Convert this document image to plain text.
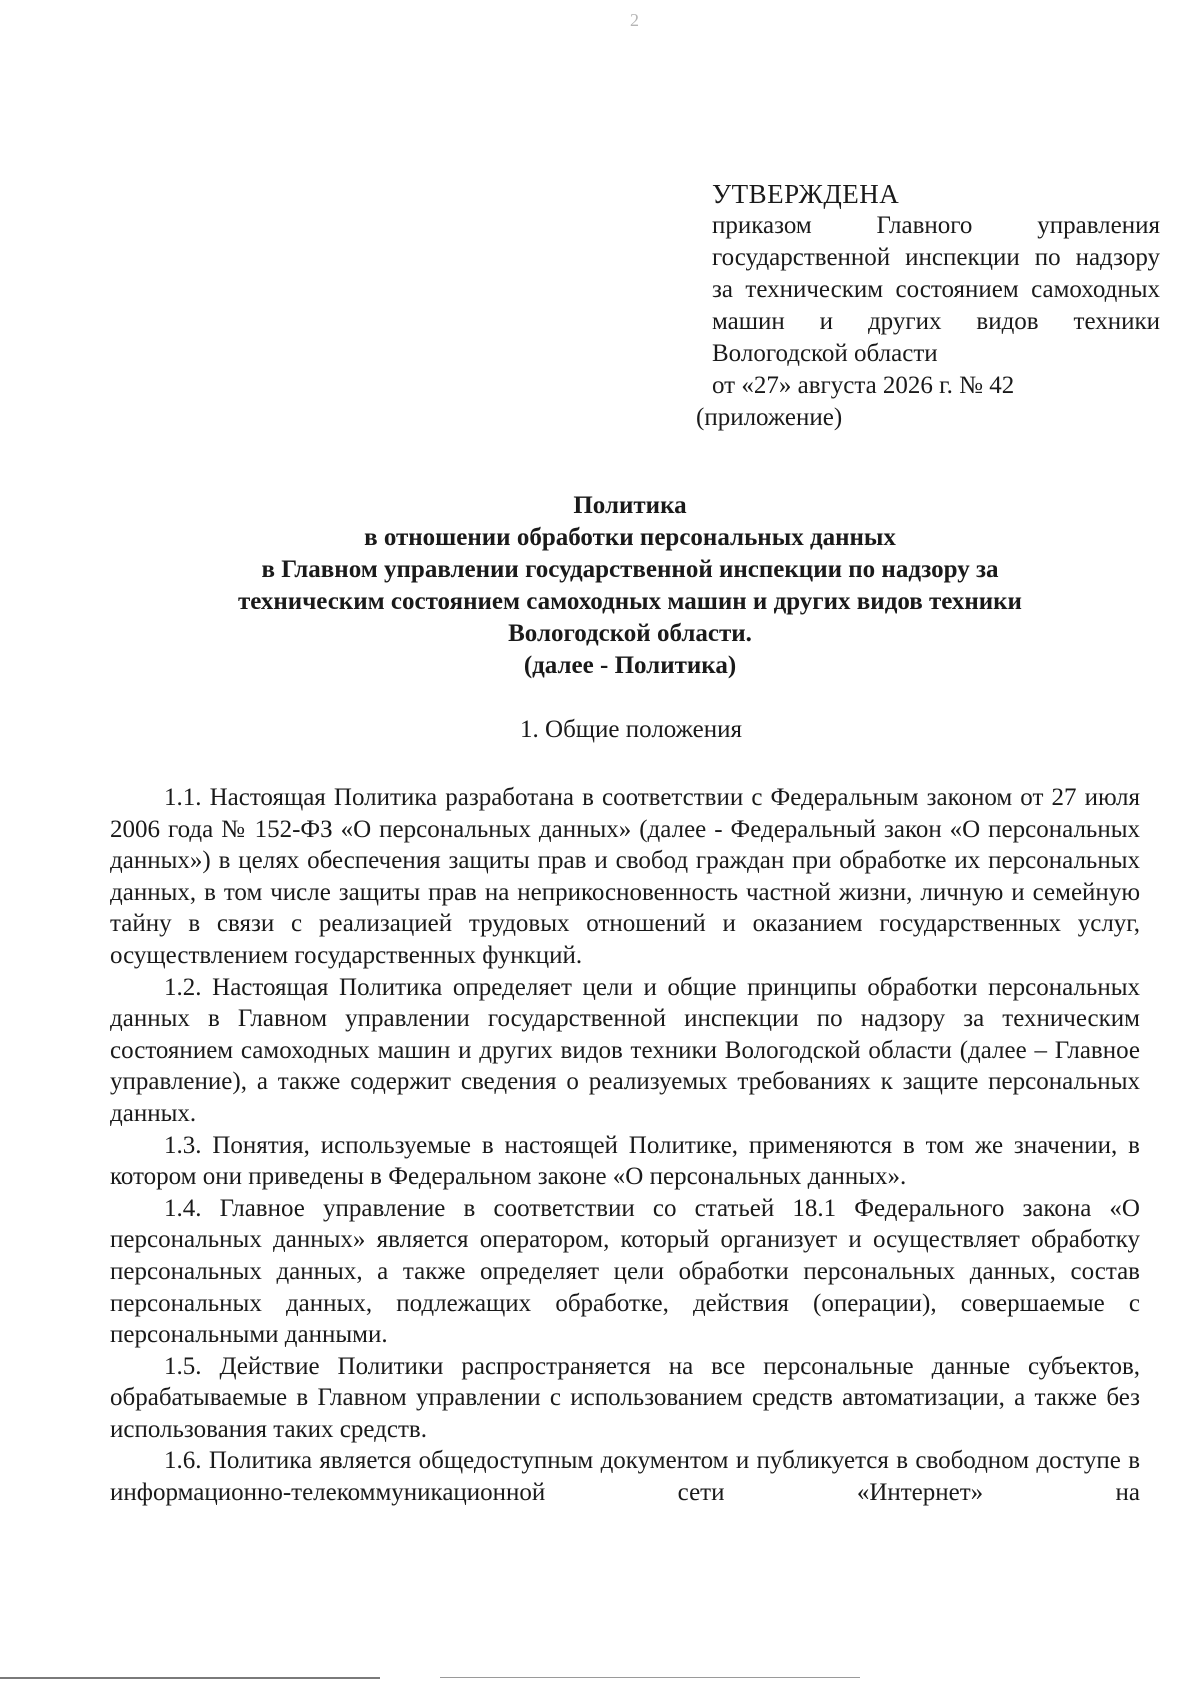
2
УТВЕРЖДЕНА
приказом Главного управления государственной инспекции по надзору за техническим состоянием самоходных машин и других видов техники Вологодской области
от «27» августа 2026 г. № 42
(приложение)
Политика
в отношении обработки персональных данных
в Главном управлении государственной инспекции по надзору за
техническим состоянием самоходных машин и других видов техники
Вологодской области.
(далее - Политика)
1. Общие положения

1.1. Настоящая Политика разработана в соответствии с Федеральным законом от 27 июля 2006 года № 152-ФЗ «О персональных данных» (далее - Федеральный закон «О персональных данных») в целях обеспечения защиты прав и свобод граждан при обработке их персональных данных, в том числе защиты прав на неприкосновенность частной жизни, личную и семейную тайну в связи с реализацией трудовых отношений и оказанием государственных услуг, осуществлением государственных функций.

1.2. Настоящая Политика определяет цели и общие принципы обработки персональных данных в Главном управлении государственной инспекции по надзору за техническим состоянием самоходных машин и других видов техники Вологодской области (далее – Главное управление), а также содержит сведения о реализуемых требованиях к защите персональных данных.

1.3. Понятия, используемые в настоящей Политике, применяются в том же значении, в котором они приведены в Федеральном законе «О персональных данных».

1.4. Главное управление в соответствии со статьей 18.1 Федерального закона «О персональных данных» является оператором, который организует и осуществляет обработку персональных данных, а также определяет цели обработки персональных данных, состав персональных данных, подлежащих обработке, действия (операции), совершаемые с персональными данными.

1.5. Действие Политики распространяется на все персональные данные субъектов, обрабатываемые в Главном управлении с использованием средств автоматизации, а также без использования таких средств.

1.6. Политика является общедоступным документом и публикуется в свободном доступе в информационно-телекоммуникационной сети «Интернет» на
